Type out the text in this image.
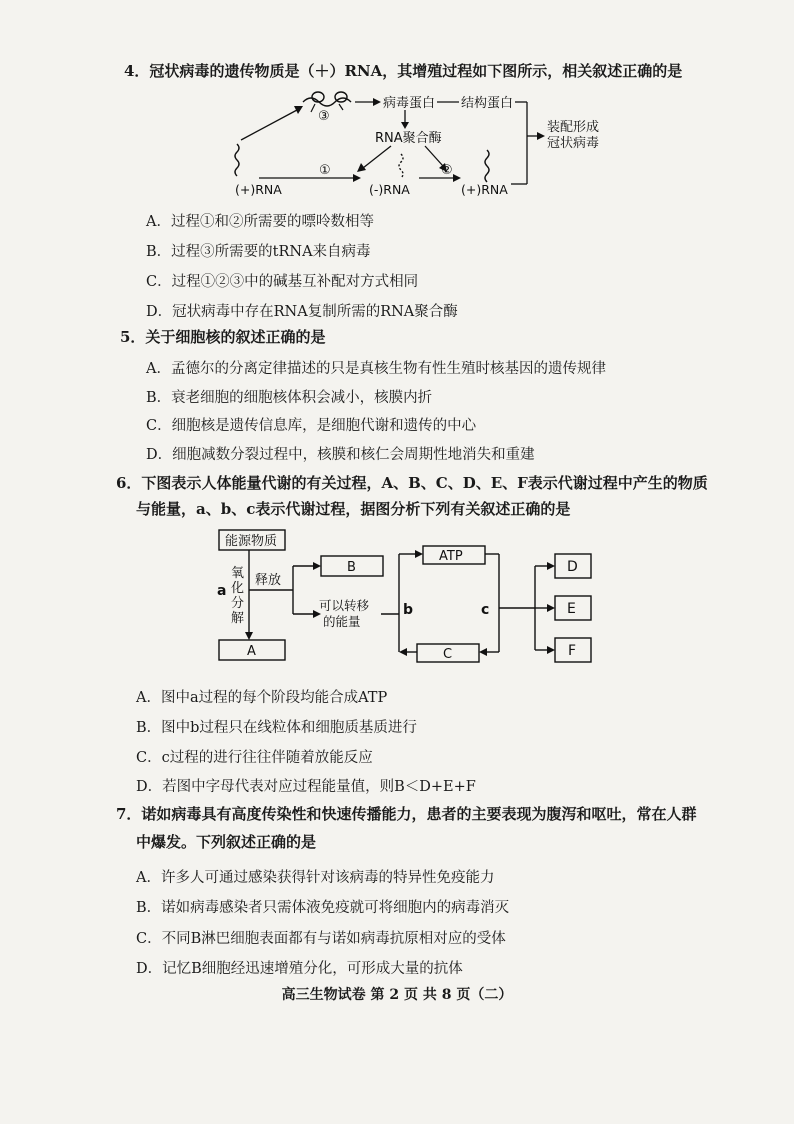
4．冠状病毒的遗传物质是（＋）RNA，其增殖过程如下图所示，相关叙述正确的是
③
病毒蛋白 结构蛋白
装配形成
冠状病毒
RNA聚合酶
①	②
(+)RNA	(-)RNA	(+)RNA
A．过程①和②所需要的嘌呤数相等
B．过程③所需要的tRNA来自病毒
C．过程①②③中的碱基互补配对方式相同
D．冠状病毒中存在RNA复制所需的RNA聚合酶
5．关于细胞核的叙述正确的是
A．孟德尔的分离定律描述的只是真核生物有性生殖时核基因的遗传规律
B．衰老细胞的细胞核体积会减小，核膜内折
C．细胞核是遗传信息库，是细胞代谢和遗传的中心
D．细胞减数分裂过程中，核膜和核仁会周期性地消失和重建
6．下图表示人体能量代谢的有关过程，A、B、C、D、E、F表示代谢过程中产生的物质
与能量，a、b、c表示代谢过程，据图分析下列有关叙述正确的是
能源物质
a
氧
化
分
解
A
释放
B
可以转移
的能量
b
ATP
c
C
D
E
F
A．图中a过程的每个阶段均能合成ATP
B．图中b过程只在线粒体和细胞质基质进行
C．c过程的进行往往伴随着放能反应
D．若图中字母代表对应过程能量值，则B＜D+E+F
7．诺如病毒具有高度传染性和快速传播能力，患者的主要表现为腹泻和呕吐，常在人群
中爆发。下列叙述正确的是
A．许多人可通过感染获得针对该病毒的特异性免疫能力
B．诺如病毒感染者只需体液免疫就可将细胞内的病毒消灭
C．不同B淋巴细胞表面都有与诺如病毒抗原相对应的受体
D．记忆B细胞经迅速增殖分化，可形成大量的抗体
高三生物试卷 第 2 页 共 8 页（二）
